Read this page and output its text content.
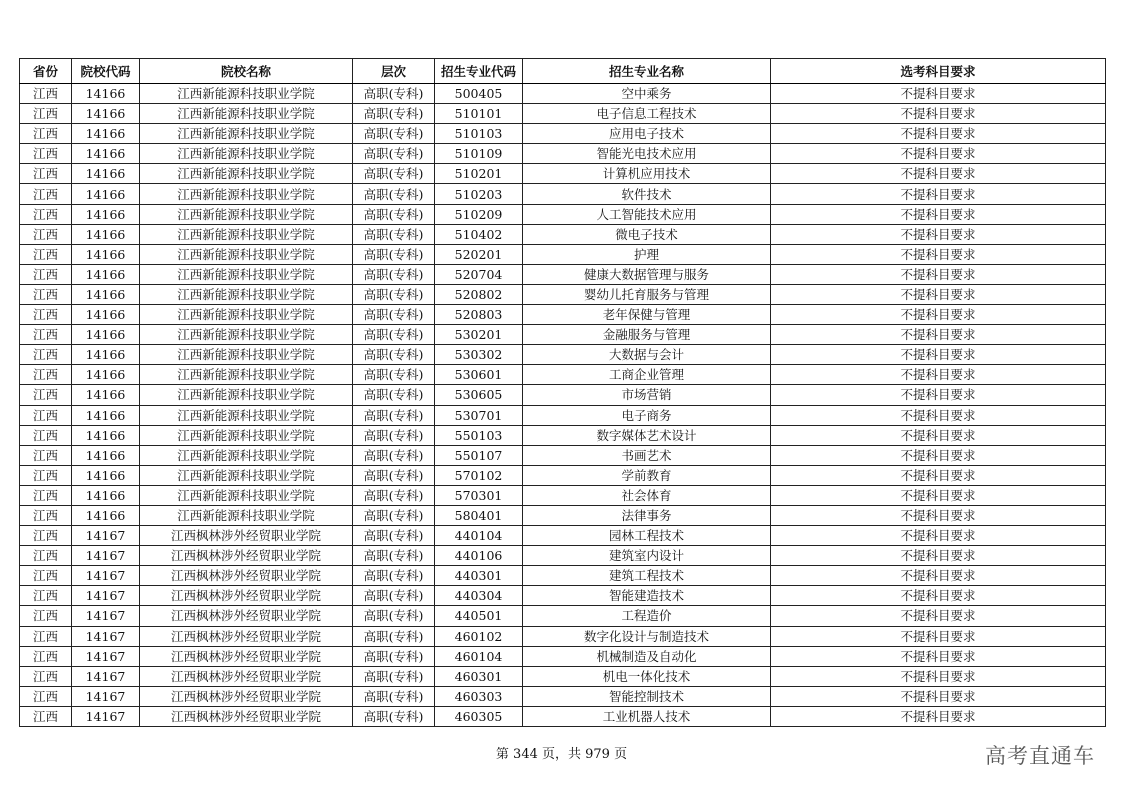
省份	院校代码	院校名称	层次	招生专业代码	招生专业名称	选考科目要求
江西	14166	江西新能源科技职业学院	高职(专科)	500405	空中乘务	不提科目要求
江西	14166	江西新能源科技职业学院	高职(专科)	510101	电子信息工程技术	不提科目要求
江西	14166	江西新能源科技职业学院	高职(专科)	510103	应用电子技术	不提科目要求
江西	14166	江西新能源科技职业学院	高职(专科)	510109	智能光电技术应用	不提科目要求
江西	14166	江西新能源科技职业学院	高职(专科)	510201	计算机应用技术	不提科目要求
江西	14166	江西新能源科技职业学院	高职(专科)	510203	软件技术	不提科目要求
江西	14166	江西新能源科技职业学院	高职(专科)	510209	人工智能技术应用	不提科目要求
江西	14166	江西新能源科技职业学院	高职(专科)	510402	微电子技术	不提科目要求
江西	14166	江西新能源科技职业学院	高职(专科)	520201	护理	不提科目要求
江西	14166	江西新能源科技职业学院	高职(专科)	520704	健康大数据管理与服务	不提科目要求
江西	14166	江西新能源科技职业学院	高职(专科)	520802	婴幼儿托育服务与管理	不提科目要求
江西	14166	江西新能源科技职业学院	高职(专科)	520803	老年保健与管理	不提科目要求
江西	14166	江西新能源科技职业学院	高职(专科)	530201	金融服务与管理	不提科目要求
江西	14166	江西新能源科技职业学院	高职(专科)	530302	大数据与会计	不提科目要求
江西	14166	江西新能源科技职业学院	高职(专科)	530601	工商企业管理	不提科目要求
江西	14166	江西新能源科技职业学院	高职(专科)	530605	市场营销	不提科目要求
江西	14166	江西新能源科技职业学院	高职(专科)	530701	电子商务	不提科目要求
江西	14166	江西新能源科技职业学院	高职(专科)	550103	数字媒体艺术设计	不提科目要求
江西	14166	江西新能源科技职业学院	高职(专科)	550107	书画艺术	不提科目要求
江西	14166	江西新能源科技职业学院	高职(专科)	570102	学前教育	不提科目要求
江西	14166	江西新能源科技职业学院	高职(专科)	570301	社会体育	不提科目要求
江西	14166	江西新能源科技职业学院	高职(专科)	580401	法律事务	不提科目要求
江西	14167	江西枫林涉外经贸职业学院	高职(专科)	440104	园林工程技术	不提科目要求
江西	14167	江西枫林涉外经贸职业学院	高职(专科)	440106	建筑室内设计	不提科目要求
江西	14167	江西枫林涉外经贸职业学院	高职(专科)	440301	建筑工程技术	不提科目要求
江西	14167	江西枫林涉外经贸职业学院	高职(专科)	440304	智能建造技术	不提科目要求
江西	14167	江西枫林涉外经贸职业学院	高职(专科)	440501	工程造价	不提科目要求
江西	14167	江西枫林涉外经贸职业学院	高职(专科)	460102	数字化设计与制造技术	不提科目要求
江西	14167	江西枫林涉外经贸职业学院	高职(专科)	460104	机械制造及自动化	不提科目要求
江西	14167	江西枫林涉外经贸职业学院	高职(专科)	460301	机电一体化技术	不提科目要求
江西	14167	江西枫林涉外经贸职业学院	高职(专科)	460303	智能控制技术	不提科目要求
江西	14167	江西枫林涉外经贸职业学院	高职(专科)	460305	工业机器人技术	不提科目要求
第 344 页，共 979 页	高考直通车
